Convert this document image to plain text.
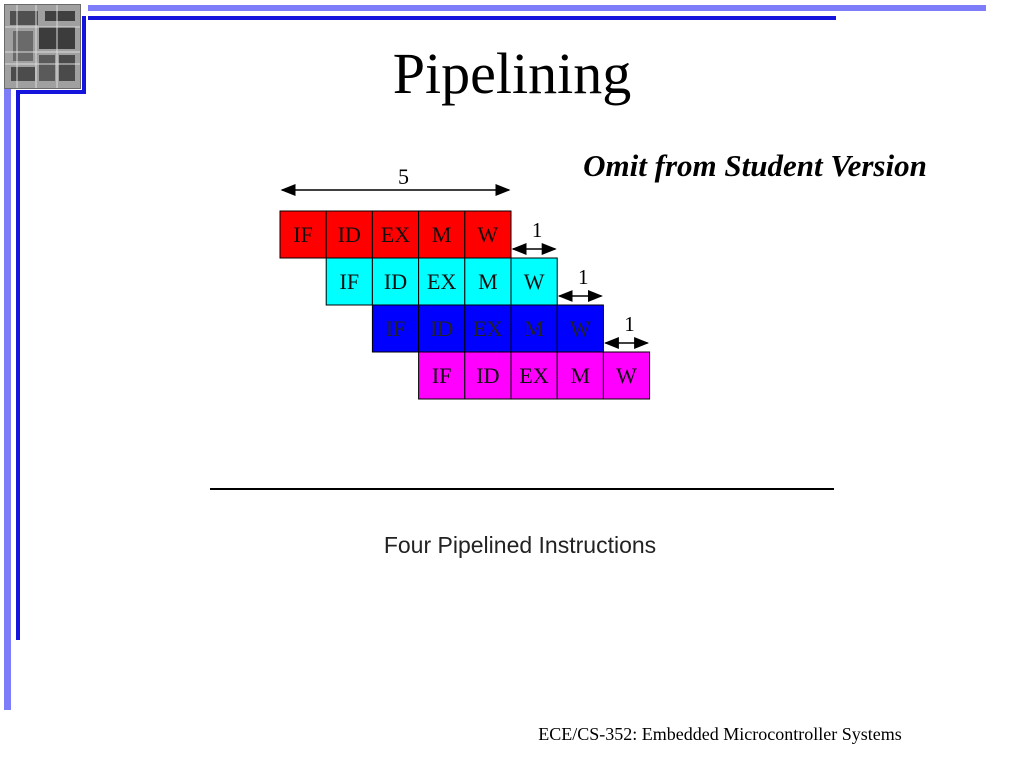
Pipelining
Omit from Student Version
IF ID EX M W 1
IF ID EX M W 1
IF ID EX M W 1
IF ID EX M W
5
Four Pipelined Instructions
ECE/CS-352: Embedded Microcontroller Systems
